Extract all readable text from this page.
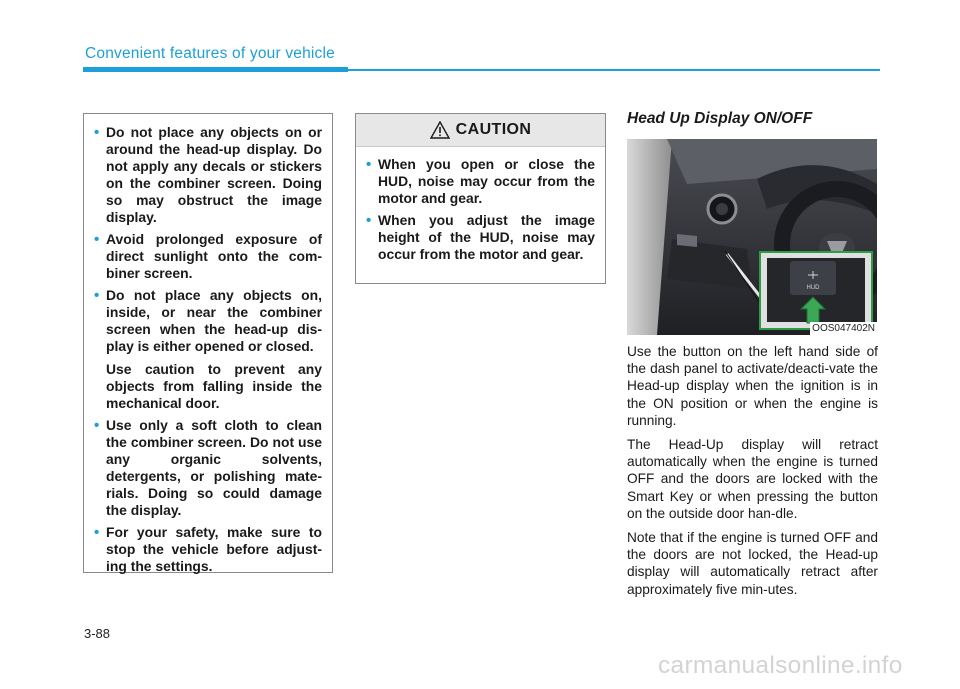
Convenient features of your vehicle
• Do not place any objects on or around the head-up display. Do not apply any decals or stickers on the combiner screen. Doing so may obstruct the image display.
• Avoid prolonged exposure of direct sunlight onto the com-biner screen.
• Do not place any objects on, inside, or near the combiner screen when the head-up dis-play is either opened or closed.
Use caution to prevent any objects from falling inside the mechanical door.
• Use only a soft cloth to clean the combiner screen. Do not use any organic solvents, detergents, or polishing mate-rials. Doing so could damage the display.
• For your safety, make sure to stop the vehicle before adjust-ing the settings.
CAUTION
• When you open or close the HUD, noise may occur from the motor and gear.
• When you adjust the image height of the HUD, noise may occur from the motor and gear.
Head Up Display ON/OFF
HUD
OOS047402N

Use the button on the left hand side of the dash panel to activate/deacti-vate the Head-up display when the ignition is in the ON position or when the engine is running.

The Head-Up display will retract automatically when the engine is turned OFF and the doors are locked with the Smart Key or when pressing the button on the outside door han-dle.

Note that if the engine is turned OFF and the doors are not locked, the Head-up display will automatically retract after approximately five min-utes.

3-88
carmanualsonline.info
